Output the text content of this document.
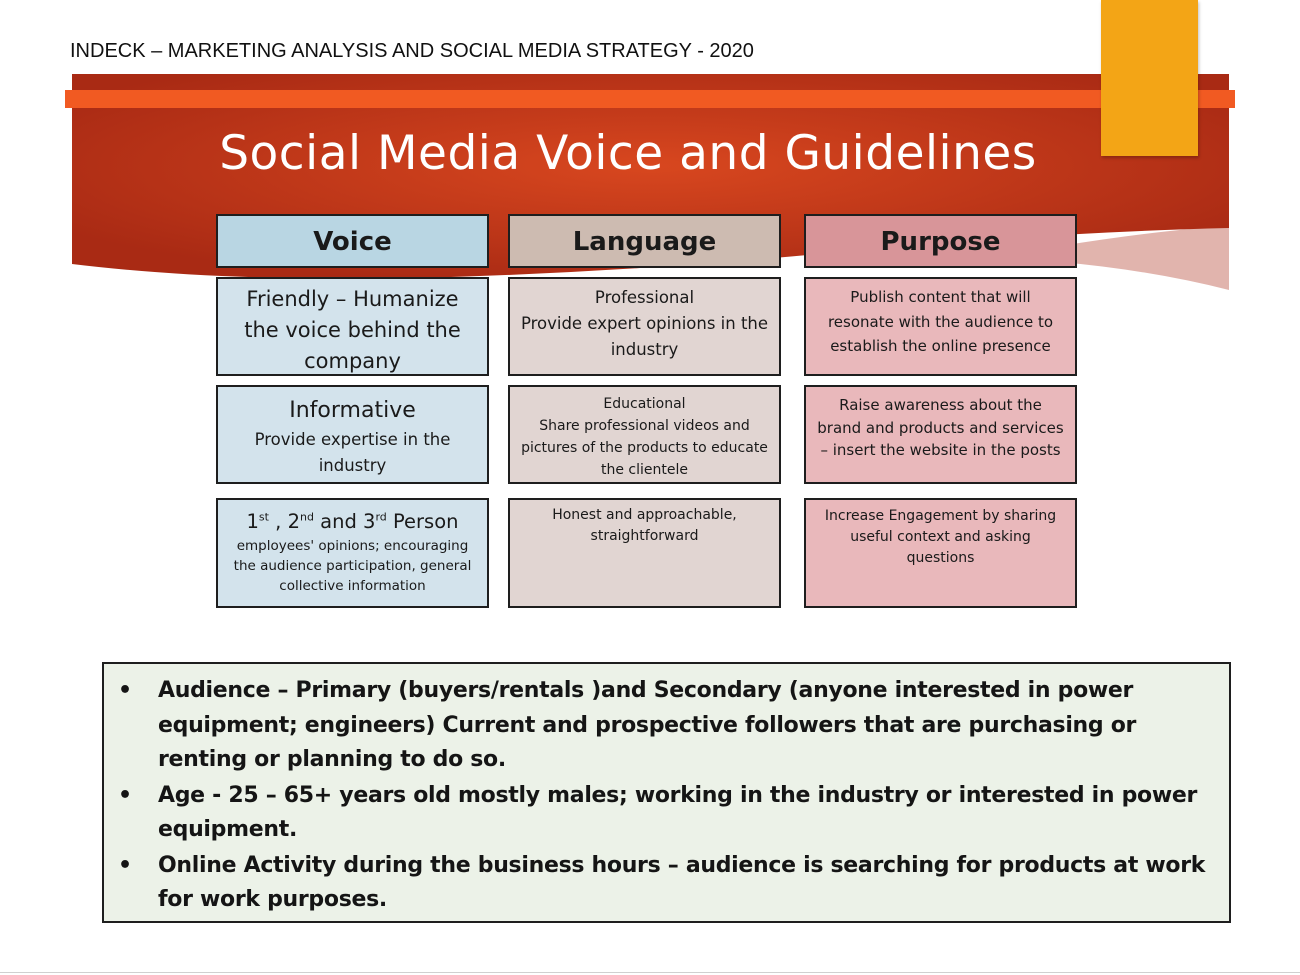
INDECK – MARKETING ANALYSIS AND SOCIAL MEDIA STRATEGY - 2020
Social Media Voice and Guidelines
Voice	Language	Purpose
Friendly – Humanize the voice behind the company
Professional
Provide expert opinions in the industry
Publish content that will resonate with the audience to establish the online presence
Informative
Provide expertise in the industry
Educational
Share professional videos and pictures of the products to educate the clientele
Raise awareness about the brand and products and services – insert the website in the posts
1st , 2nd and 3rd Person
employees' opinions; encouraging the audience participation, general collective information
Honest and approachable, straightforward
Increase Engagement by sharing useful context and asking questions
• Audience – Primary (buyers/rentals )and Secondary (anyone interested in power equipment; engineers) Current and prospective followers that are purchasing or renting or planning to do so.
• Age - 25 – 65+ years old mostly males; working in the industry or interested in power equipment.
• Online Activity during the business hours – audience is searching for products at work for work purposes.
